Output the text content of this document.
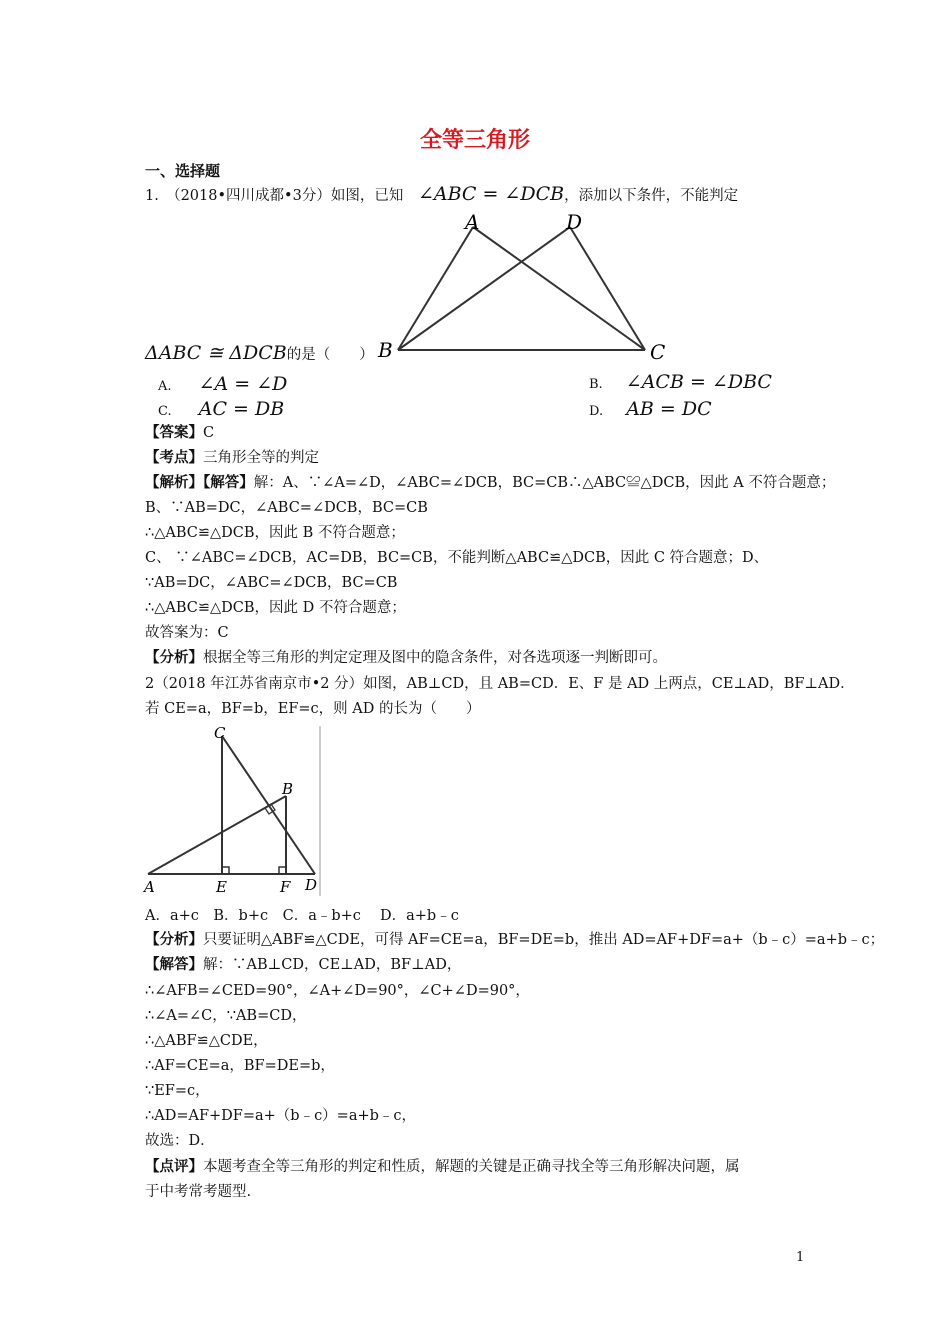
全等三角形
一、选择题
1.　（2018•四川成都•3分）如图，已知 ∠ABC = ∠DCB，添加以下条件，不能判定
A	D
B	C
ΔABC ≅ ΔDCB的是（　　）
A. ∠A = ∠D	B. ∠ACB = ∠DBC
C. AC = DB	D. AB = DC
【答案】C
【考点】三角形全等的判定
【解析】【解答】解：A、∵∠A=∠D，∠ABC=∠DCB，BC=CB∴△ABC≌△DCB，因此 A 不符合题意；
B、∵AB=DC，∠ABC=∠DCB，BC=CB
∴△ABC≌△DCB，因此 B 不符合题意；
C、 ∵∠ABC=∠DCB，AC=DB，BC=CB，不能判断△ABC≌△DCB，因此 C 符合题意；D、
∵AB=DC，∠ABC=∠DCB，BC=CB
∴△ABC≌△DCB，因此 D 不符合题意；
故答案为：C
【分析】根据全等三角形的判定定理及图中的隐含条件，对各选项逐一判断即可。
2（2018 年江苏省南京市•2 分）如图，AB⊥CD，且 AB=CD．E、F 是 AD 上两点，CE⊥AD，BF⊥AD．
若 CE=a，BF=b，EF=c，则 AD 的长为（　　）
C
B
A	E	F D
A．a+c　B．b+c　C．a﹣b+c　 D．a+b﹣c
【分析】只要证明△ABF≌△CDE，可得 AF=CE=a，BF=DE=b，推出 AD=AF+DF=a+（b﹣c）=a+b﹣c；
【解答】解：∵AB⊥CD，CE⊥AD，BF⊥AD，
∴∠AFB=∠CED=90°，∠A+∠D=90°，∠C+∠D=90°，
∴∠A=∠C，∵AB=CD，
∴△ABF≌△CDE，
∴AF=CE=a，BF=DE=b，
∵EF=c，
∴AD=AF+DF=a+（b﹣c）=a+b﹣c，
故选：D．
【点评】本题考查全等三角形的判定和性质，解题的关键是正确寻找全等三角形解决问题，属
于中考常考题型.
1
